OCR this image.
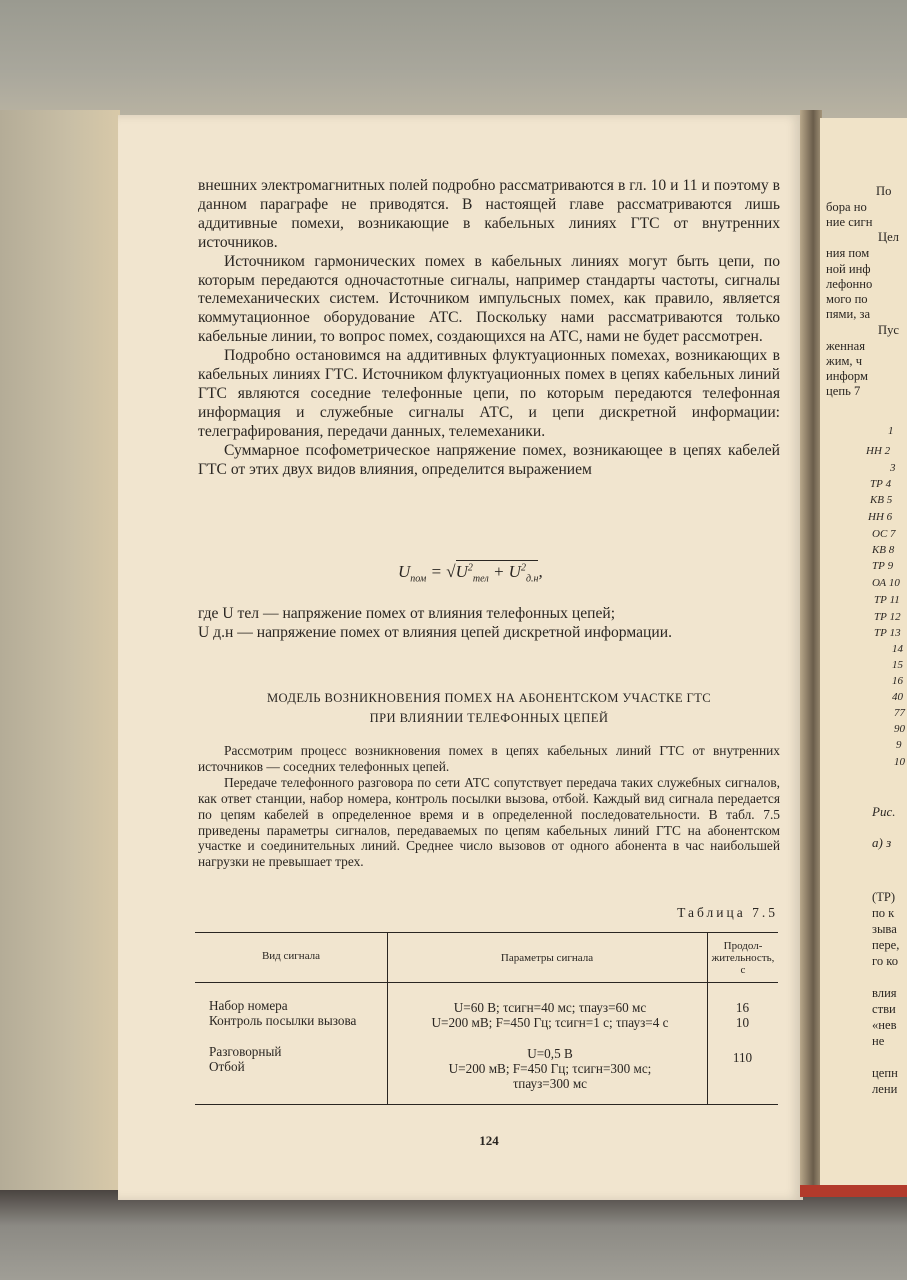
внешних электромагнитных полей подробно рассматриваются в гл. 10 и 11 и поэтому в данном параграфе не приводятся. В настоящей главе рассматриваются лишь аддитивные помехи, возникающие в кабельных линиях ГТС от внутренних источников.

Источником гармонических помех в кабельных линиях могут быть цепи, по которым передаются одночастотные сигналы, например стандарты частоты, сигналы телемеханических систем. Источником импульсных помех, как правило, является коммутационное оборудование АТС. Поскольку нами рассматриваются только кабельные линии, то вопрос помех, создающихся на АТС, нами не будет рассмотрен.

Подробно остановимся на аддитивных флуктуационных помехах, возникающих в кабельных линиях ГТС. Источником флуктуационных помех в цепях кабельных линий ГТС являются соседние телефонные цепи, по которым передаются телефонная информация и служебные сигналы АТС, и цепи дискретной информации: телеграфирования, передачи данных, телемеханики.

Суммарное псофометрическое напряжение помех, возникающее в цепях кабелей ГТС от этих двух видов влияния, определится выражением

$U_{пом} = √U^2_{тел} + U^2_{д.н}$,

где U тел — напряжение помех от влияния телефонных цепей;

U д.н — напряжение помех от влияния цепей дискретной информации.

МОДЕЛЬ ВОЗНИКНОВЕНИЯ ПОМЕХ НА АБОНЕНТСКОМ УЧАСТКЕ ГТС
ПРИ ВЛИЯНИИ ТЕЛЕФОННЫХ ЦЕПЕЙ

Рассмотрим процесс возникновения помех в цепях кабельных линий ГТС от внутренних источников — соседних телефонных цепей.

Передаче телефонного разговора по сети АТС сопутствует передача таких служебных сигналов, как ответ станции, набор номера, контроль посылки вызова, отбой. Каждый вид сигнала передается по цепям кабелей в определенное время и в определенной последовательности. В табл. 7.5 приведены параметры сигналов, передаваемых по цепям кабельных линий ГТС на абонентском участке и соединительных линий. Среднее число вызовов от одного абонента в час наибольшей нагрузки не превышает трех.

Таблица 7.5
Вид сигнала	Параметры сигнала
Продол-жительность, с
Набор номера	U=60 В; τсигн=40 мс; τпауз=60 мс	16
Контроль посылки вызова	U=200 мВ; F=450 Гц; τсигн=1 с; τпауз=4 с	10
Разговорный	U=0,5 В	110
Отбой	U=200 мВ; F=450 Гц; τсигн=300 мс;
τпауз=300 мс
124
По
бора но
ние сигн
Цел
ния пом
ной инф
лефонно
мого по
пями, за
Пус
женная
жим, ч
информ
цепь 7
1
НН 2
3
ТР 4
КВ 5
НН 6
ОС 7
КВ 8
ТР 9
ОА 10
ТР 11
ТР 12
ТР 13
14
15
16
40
77
90
9
10
Рис.
а) з
(ТР)
по к
зыва
пере,
го ко
влия
стви
«нев
не
цепн
лени
